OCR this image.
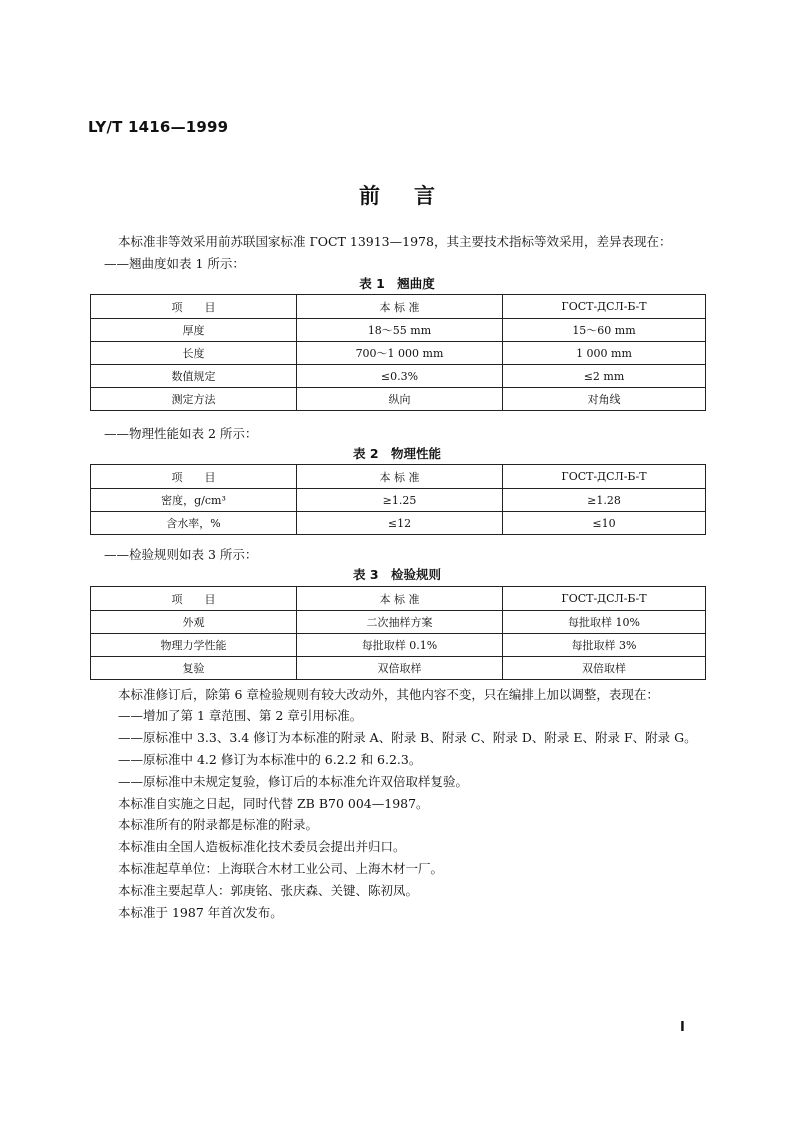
LY/T 1416—1999
前言
本标准非等效采用前苏联国家标准 ГОСТ 13913—1978，其主要技术指标等效采用，差异表现在：
——翘曲度如表 1 所示：
表 1　翘曲度
项　　目	本 标 准	ГОСТ-ДСЛ-Б-Т
厚度	18～55 mm	15～60 mm
长度	700～1 000 mm	1 000 mm
数值规定	≤0.3%	≤2 mm
测定方法	纵向	对角线
——物理性能如表 2 所示：
表 2　物理性能
项　　目	本 标 准	ГОСТ-ДСЛ-Б-Т
密度，g/cm³	≥1.25	≥1.28
含水率，%	≤12	≤10
——检验规则如表 3 所示：
表 3　检验规则
项　　目	本 标 准	ГОСТ-ДСЛ-Б-Т
外观	二次抽样方案	每批取样 10%
物理力学性能	每批取样 0.1%	每批取样 3%
复验	双倍取样	双倍取样
本标准修订后，除第 6 章检验规则有较大改动外，其他内容不变，只在编排上加以调整，表现在：
——增加了第 1 章范围、第 2 章引用标准。
——原标准中 3.3、3.4 修订为本标准的附录 A、附录 B、附录 C、附录 D、附录 E、附录 F、附录 G。
——原标准中 4.2 修订为本标准中的 6.2.2 和 6.2.3。
——原标准中未规定复验，修订后的本标准允许双倍取样复验。
本标准自实施之日起，同时代替 ZB B70 004—1987。
本标准所有的附录都是标准的附录。
本标准由全国人造板标准化技术委员会提出并归口。
本标准起草单位：上海联合木材工业公司、上海木材一厂。
本标准主要起草人：郭庚铭、张庆森、关键、陈初凤。
本标准于 1987 年首次发布。
Ⅰ
